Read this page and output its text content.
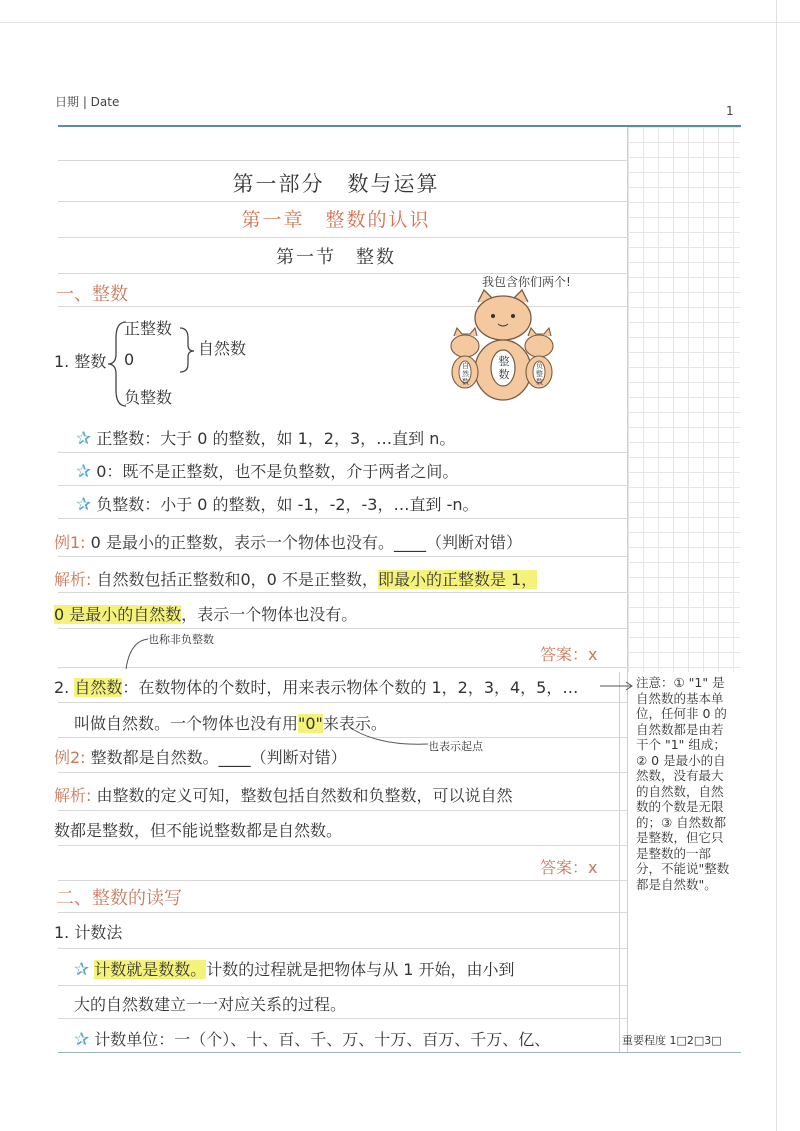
日期 | Date
1
第一部分　数与运算
第一章　整数的认识
第一节　整数
一、整数
1. 整数
正整数
0
负整数
自然数
我包含你们两个!
整数
自然数
负整数
✰ 正整数：大于 0 的整数，如 1，2，3，…直到 n。
✰ 0：既不是正整数，也不是负整数，介于两者之间。
✰ 负整数：小于 0 的整数，如 -1，-2，-3，…直到 -n。
例1: 0 是最小的正整数，表示一个物体也没有。____（判断对错）
解析: 自然数包括正整数和0，0 不是正整数，即最小的正整数是 1，
0 是最小的自然数，表示一个物体也没有。
也称非负整数
答案：x
2. 自然数：在数物体的个数时，用来表示物体个数的 1，2，3，4，5，…
叫做自然数。一个物体也没有用"0"来表示。
也表示起点
例2: 整数都是自然数。____（判断对错）
解析: 由整数的定义可知，整数包括自然数和负整数，可以说自然
数都是整数，但不能说整数都是自然数。
答案：x
二、整数的读写
1. 计数法
✰ 计数就是数数。计数的过程就是把物体与从 1 开始，由小到
大的自然数建立一一对应关系的过程。
✰ 计数单位：一（个）、十、百、千、万、十万、百万、千万、亿、
注意：① "1" 是自然数的基本单位，任何非 0 的自然数都是由若干个 "1" 组成；② 0 是最小的自然数，没有最大的自然数，自然数的个数是无限的；③ 自然数都是整数，但它只是整数的一部分，不能说"整数都是自然数"。
重要程度 1□2□3□
